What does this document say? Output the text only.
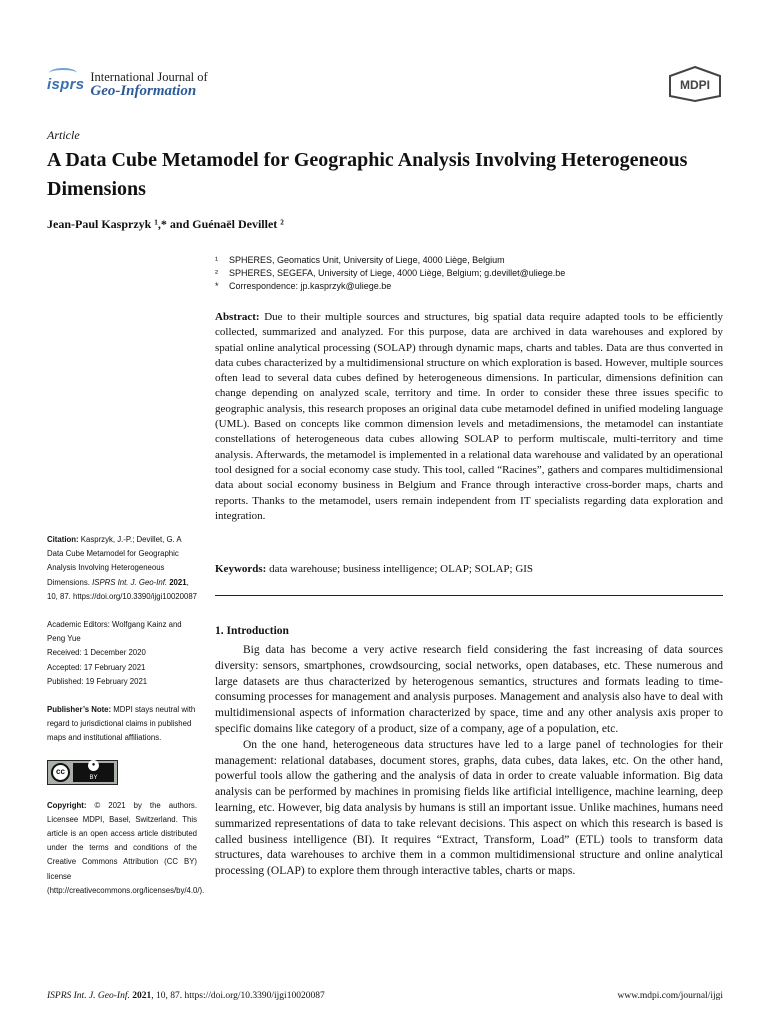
isprs International Journal of
Geo-Information	MDPI
Article
A Data Cube Metamodel for Geographic Analysis Involving Heterogeneous Dimensions
Jean-Paul Kasprzyk ¹,* and Guénaël Devillet ²
¹	SPHERES, Geomatics Unit, University of Liege, 4000 Liège, Belgium
²	SPHERES, SEGEFA, University of Liege, 4000 Liège, Belgium; g.devillet@uliege.be
*	Correspondence: jp.kasprzyk@uliege.be
Abstract: Due to their multiple sources and structures, big spatial data require adapted tools to be efficiently collected, summarized and analyzed. For this purpose, data are archived in data warehouses and explored by spatial online analytical processing (SOLAP) through dynamic maps, charts and tables. Data are thus converted in data cubes characterized by a multidimensional structure on which exploration is based. However, multiple sources often lead to several data cubes defined by heterogeneous dimensions. In particular, dimensions definition can change depending on analyzed scale, territory and time. In order to consider these three issues specific to geographic analysis, this research proposes an original data cube metamodel defined in unified modeling language (UML). Based on concepts like common dimension levels and metadimensions, the metamodel can instantiate constellations of heterogeneous data cubes allowing SOLAP to perform multiscale, multi-territory and time analysis. Afterwards, the metamodel is implemented in a relational data warehouse and validated by an operational tool designed for a social economy case study. This tool, called “Racines”, gathers and compares multidimensional data about social economy business in Belgium and France through interactive cross-border maps, charts and reports. Thanks to the metamodel, users remain independent from IT specialists regarding data exploration and integration.
Keywords: data warehouse; business intelligence; OLAP; SOLAP; GIS
Citation: Kasprzyk, J.-P.; Devillet, G. A Data Cube Metamodel for Geographic Analysis Involving Heterogeneous Dimensions. ISPRS Int. J. Geo-Inf. 2021, 10, 87. https://doi.org/10.3390/ijgi10020087
Academic Editors: Wolfgang Kainz and Peng Yue
Received: 1 December 2020
Accepted: 17 February 2021
Published: 19 February 2021
Publisher’s Note: MDPI stays neutral with regard to jurisdictional claims in published maps and institutional affiliations.
cc
●
BY
Copyright: © 2021 by the authors. Licensee MDPI, Basel, Switzerland. This article is an open access article distributed under the terms and conditions of the Creative Commons Attribution (CC BY) license (http://creativecommons.org/licenses/by/4.0/).
1. Introduction

Big data has become a very active research field considering the fast increasing of data sources diversity: sensors, smartphones, crowdsourcing, social networks, open databases, etc. These numerous and large datasets are thus characterized by heterogenous semantics, structures and formats leading to time-consuming processes for management and analysis purposes. Management and analysis also have to deal with multidimensional aspects of information characterized by space, time and any other analysis axis proper to specific domains like category of a product, size of a company, age of a population, etc.

On the one hand, heterogeneous data structures have led to a large panel of technologies for their management: relational databases, document stores, graphs, data cubes, data lakes, etc. On the other hand, powerful tools allow the gathering and the analysis of data in order to create valuable information. Big data analysis can be performed by machines in promising fields like artificial intelligence, machine learning, deep learning, etc. However, big data analysis by humans is still an important issue. Unlike machines, humans need summarized representations of data to take relevant decisions. This aspect on which this research is based is called business intelligence (BI). It requires “Extract, Transform, Load” (ETL) tools to transform data structures, data warehouses to archive them in a common multidimensional structure and online analytical processing (OLAP) to explore them through interactive tables, charts or maps.

ISPRS Int. J. Geo-Inf. 2021, 10, 87. https://doi.org/10.3390/ijgi10020087	www.mdpi.com/journal/ijgi
